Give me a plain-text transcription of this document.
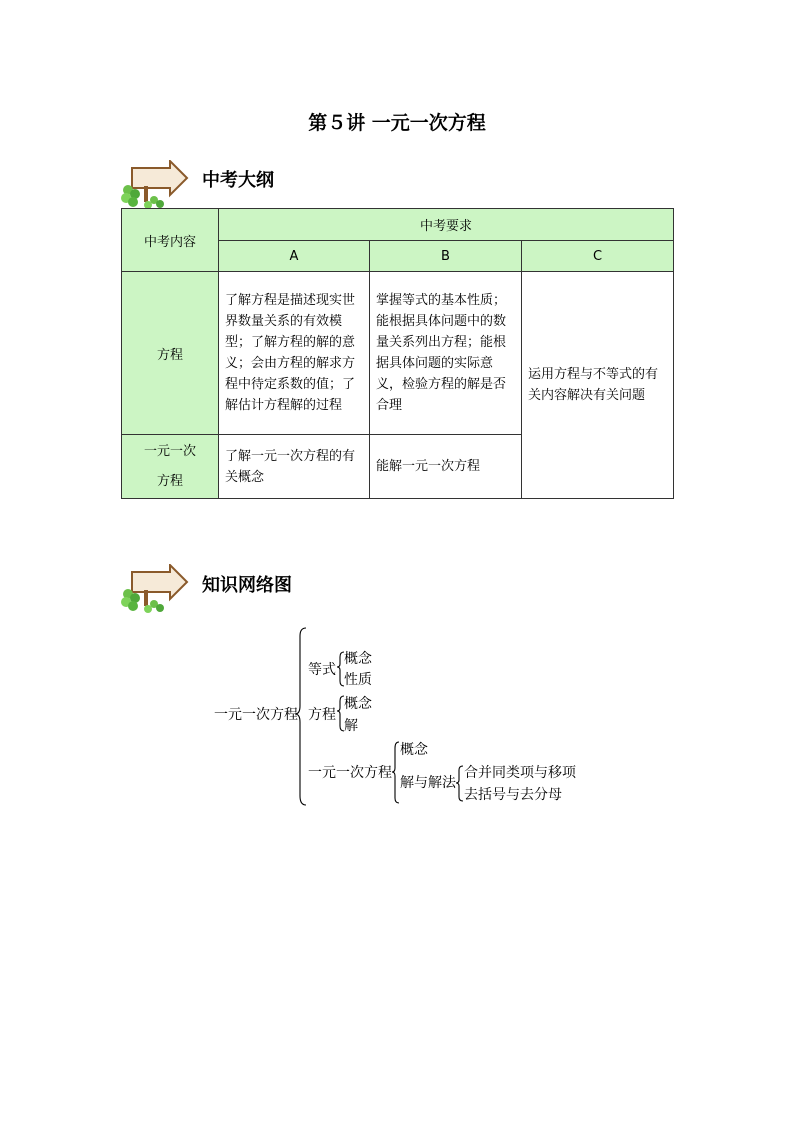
第５讲 一元一次方程
中考大纲
中考内容	中考要求		
	A	B	C
方程	了解方程是描述现实世界数量关系的有效模型；了解方程的解的意义；会由方程的解求方程中待定系数的值；了解估计方程解的过程	掌握等式的基本性质；能根据具体问题中的数量关系列出方程；能根据具体问题的实际意义，检验方程的解是否合理	运用方程与不等式的有关内容解决有关问题

一元一次
方程	了解一元一次方程的有关概念	能解一元一次方程	
知识网络图
一元一次方程
等式
概念
性质
方程
概念
解
一元一次方程
概念
解与解法
合并同类项与移项
去括号与去分母
